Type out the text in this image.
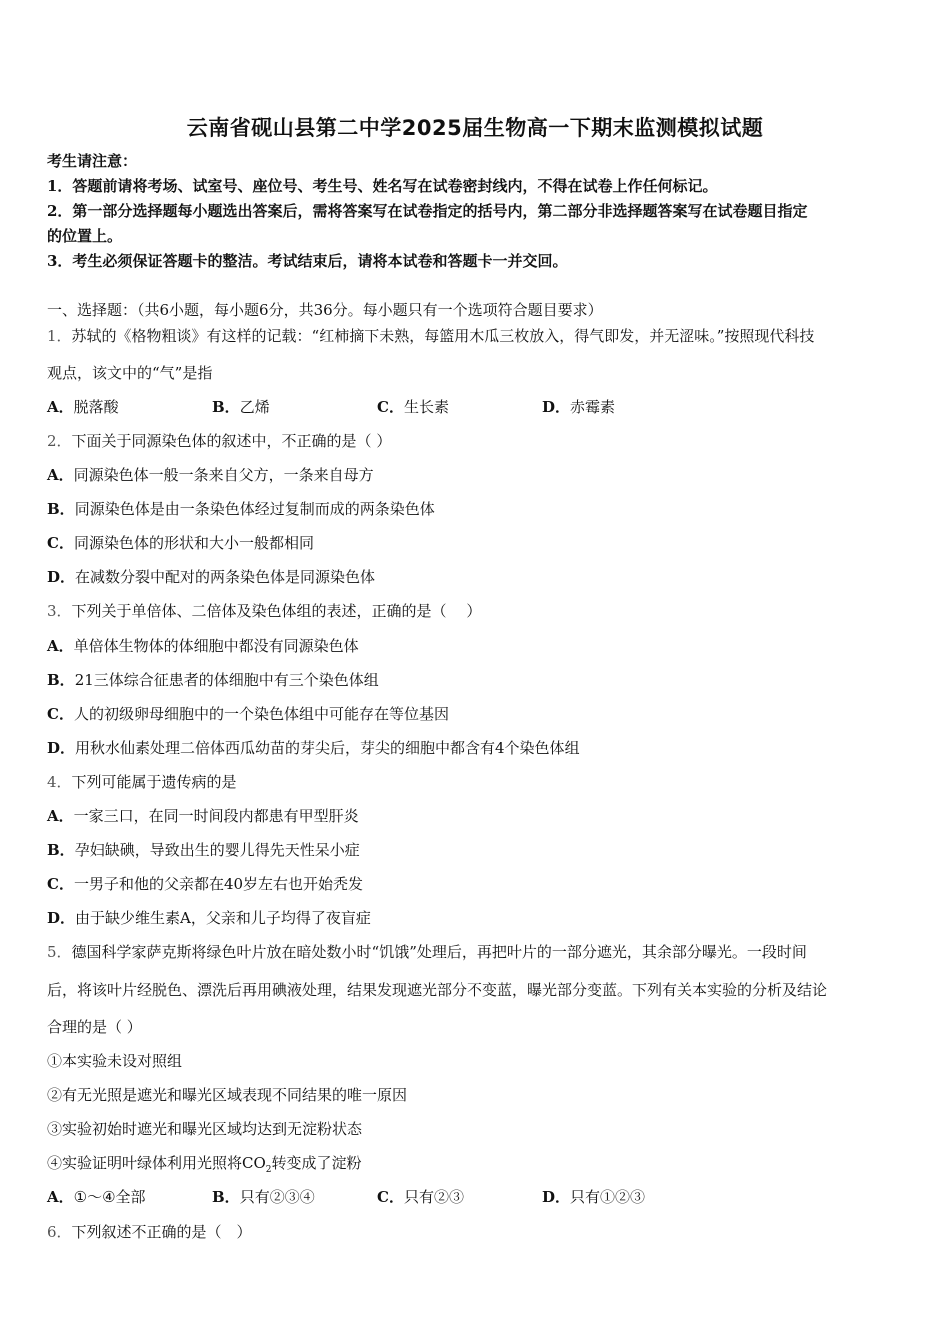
云南省砚山县第二中学2025届生物高一下期末监测模拟试题
考生请注意：
1．答题前请将考场、试室号、座位号、考生号、姓名写在试卷密封线内，不得在试卷上作任何标记。
2．第一部分选择题每小题选出答案后，需将答案写在试卷指定的括号内，第二部分非选择题答案写在试卷题目指定
的位置上。
3．考生必须保证答题卡的整洁。考试结束后，请将本试卷和答题卡一并交回。
一、选择题：（共6小题，每小题6分，共36分。每小题只有一个选项符合题目要求）
1．苏轼的《格物粗谈》有这样的记载：“红柿摘下未熟，每篮用木瓜三枚放入，得气即发，并无涩味。”按照现代科技
观点，该文中的“气”是指
A．脱落酸	B．乙烯	C．生长素	D．赤霉素
2．下面关于同源染色体的叙述中，不正确的是（ ）
A．同源染色体一般一条来自父方，一条来自母方
B．同源染色体是由一条染色体经过复制而成的两条染色体
C．同源染色体的形状和大小一般都相同
D．在减数分裂中配对的两条染色体是同源染色体
3．下列关于单倍体、二倍体及染色体组的表述，正确的是（　 ）
A．单倍体生物体的体细胞中都没有同源染色体
B．21三体综合征患者的体细胞中有三个染色体组
C．人的初级卵母细胞中的一个染色体组中可能存在等位基因
D．用秋水仙素处理二倍体西瓜幼苗的芽尖后，芽尖的细胞中都含有4个染色体组
4．下列可能属于遗传病的是
A．一家三口，在同一时间段内都患有甲型肝炎
B．孕妇缺碘，导致出生的婴儿得先天性呆小症
C．一男子和他的父亲都在40岁左右也开始秃发
D．由于缺少维生素A，父亲和儿子均得了夜盲症
5．德国科学家萨克斯将绿色叶片放在暗处数小时“饥饿”处理后，再把叶片的一部分遮光，其余部分曝光。一段时间
后，将该叶片经脱色、漂洗后再用碘液处理，结果发现遮光部分不变蓝，曝光部分变蓝。下列有关本实验的分析及结论
合理的是（ ）
①本实验未设对照组
②有无光照是遮光和曝光区域表现不同结果的唯一原因
③实验初始时遮光和曝光区域均达到无淀粉状态
④实验证明叶绿体利用光照将$CO_2$转变成了淀粉
A．①～④全部	B．只有②③④	C．只有②③	D．只有①②③
6．下列叙述不正确的是（　）
